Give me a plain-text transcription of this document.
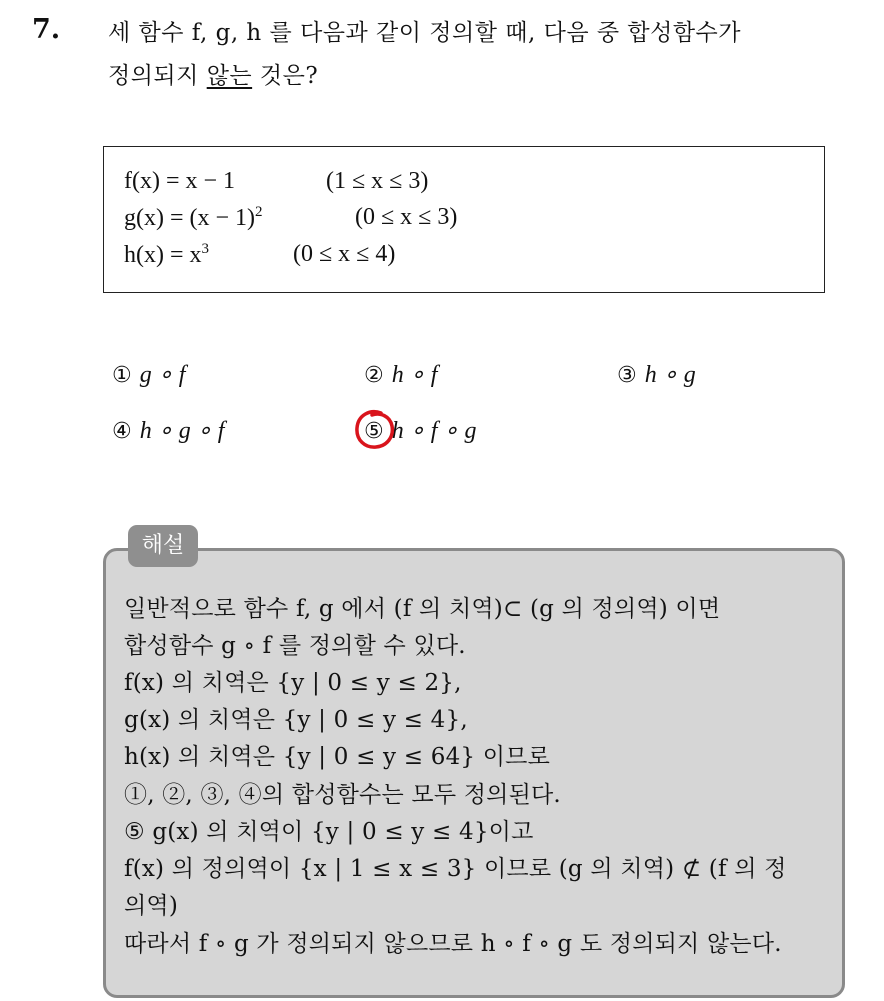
7. 세 함수 f, g, h 를 다음과 같이 정의할 때, 다음 중 합성함수가
정의되지 않는 것은?
f(x) = x − 1	(1 ≤ x ≤ 3)
$g(x) = (x - 1)^2$	(0 ≤ x ≤ 3)
$h(x) = x^3$	(0 ≤ x ≤ 4)
① g ∘ f	② h ∘ f	③ h ∘ g
④ h ∘ g ∘ f	⑤ h ∘ f ∘ g
해설
일반적으로 함수 f, g 에서 (f 의 치역)⊂ (g 의 정의역) 이면
합성함수 g ∘ f 를 정의할 수 있다.
f(x) 의 치역은 {y | 0 ≤ y ≤ 2},
g(x) 의 치역은 {y | 0 ≤ y ≤ 4},
h(x) 의 치역은 {y | 0 ≤ y ≤ 64} 이므로
①, ②, ③, ④의 합성함수는 모두 정의된다.
⑤ g(x) 의 치역이 {y | 0 ≤ y ≤ 4}이고
f(x) 의 정의역이 {x | 1 ≤ x ≤ 3} 이므로 (g 의 치역) ⊄ (f 의 정
의역)
따라서 f ∘ g 가 정의되지 않으므로 h ∘ f ∘ g 도 정의되지 않는다.
